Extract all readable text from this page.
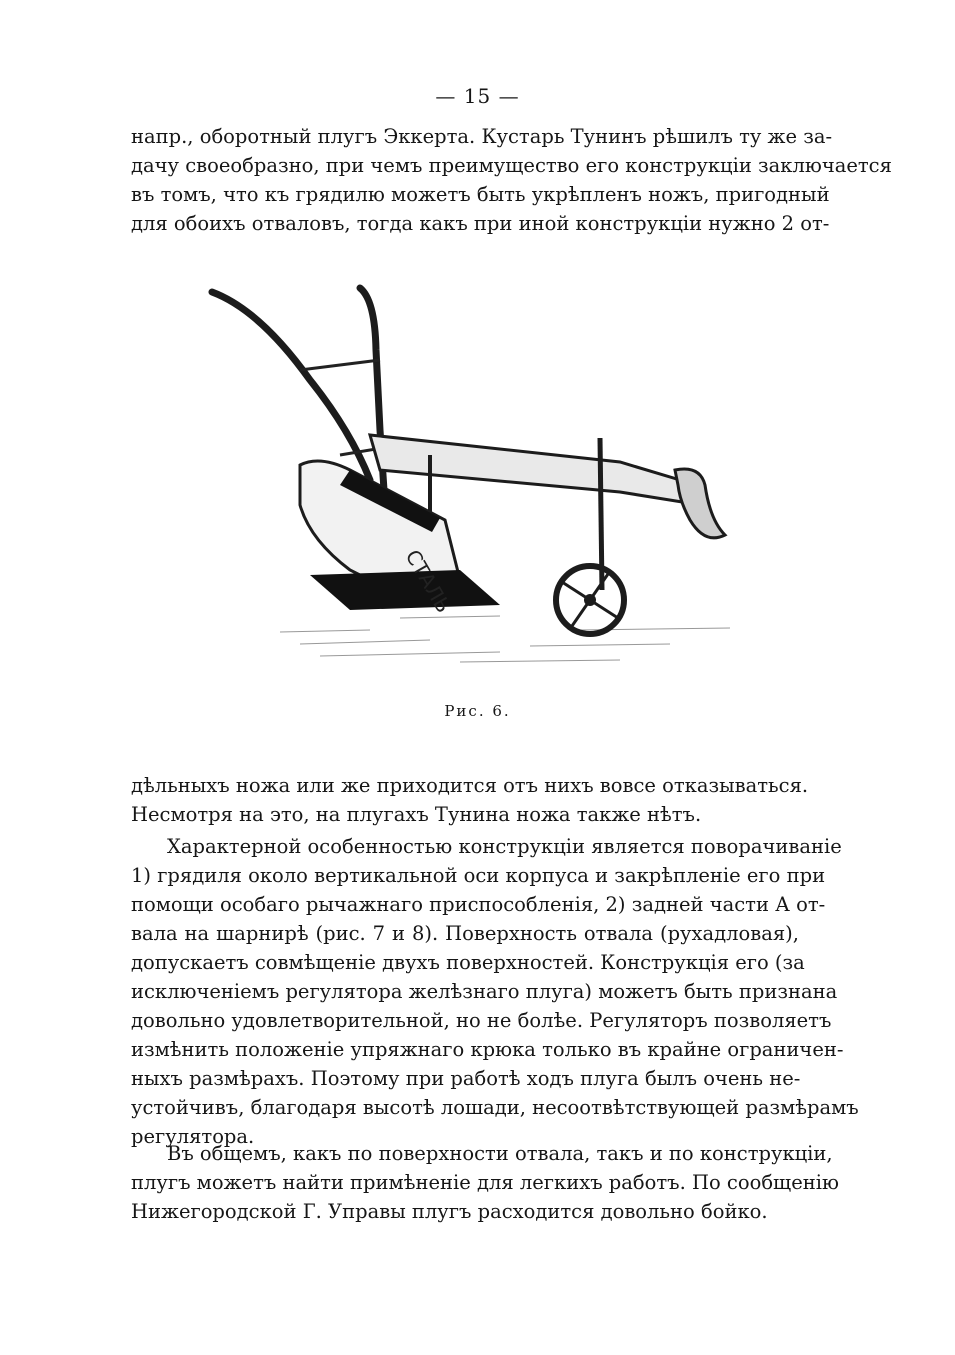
— 15 —
напр., оборотный плугъ Эккерта. Кустарь Тунинъ рѣшилъ ту же за-
дачу своеобразно, при чемъ преимущество его конструкціи заключается
въ томъ, что къ грядилю можетъ быть укрѣпленъ ножъ, пригодный
для обоихъ отваловъ, тогда какъ при иной конструкціи нужно 2 от-
СТАЛЬ
Рис. 6.
дѣльныхъ ножа или же приходится отъ нихъ вовсе отказываться.
Несмотря на это, на плугахъ Тунина ножа также нѣтъ.
Характерной особенностью конструкціи является поворачиваніе
1) грядиля около вертикальной оси корпуса и закрѣпленіе его при
помощи особаго рычажнаго приспособленія, 2) задней части А от-
вала на шарнирѣ (рис. 7 и 8). Поверхность отвала (рухадловая),
допускаетъ совмѣщеніе двухъ поверхностей. Конструкція его (за
исключеніемъ регулятора желѣзнаго плуга) можетъ быть признана
довольно удовлетворительной, но не болѣе. Регуляторъ позволяетъ
измѣнить положеніе упряжнаго крюка только въ крайне ограничен-
ныхъ размѣрахъ. Поэтому при работѣ ходъ плуга былъ очень не-
устойчивъ, благодаря высотѣ лошади, несоотвѣтствующей размѣрамъ
регулятора.
Въ общемъ, какъ по поверхности отвала, такъ и по конструкціи,
плугъ можетъ найти примѣненіе для легкихъ работъ. По сообщенію
Нижегородской Г. Управы плугъ расходится довольно бойко.
